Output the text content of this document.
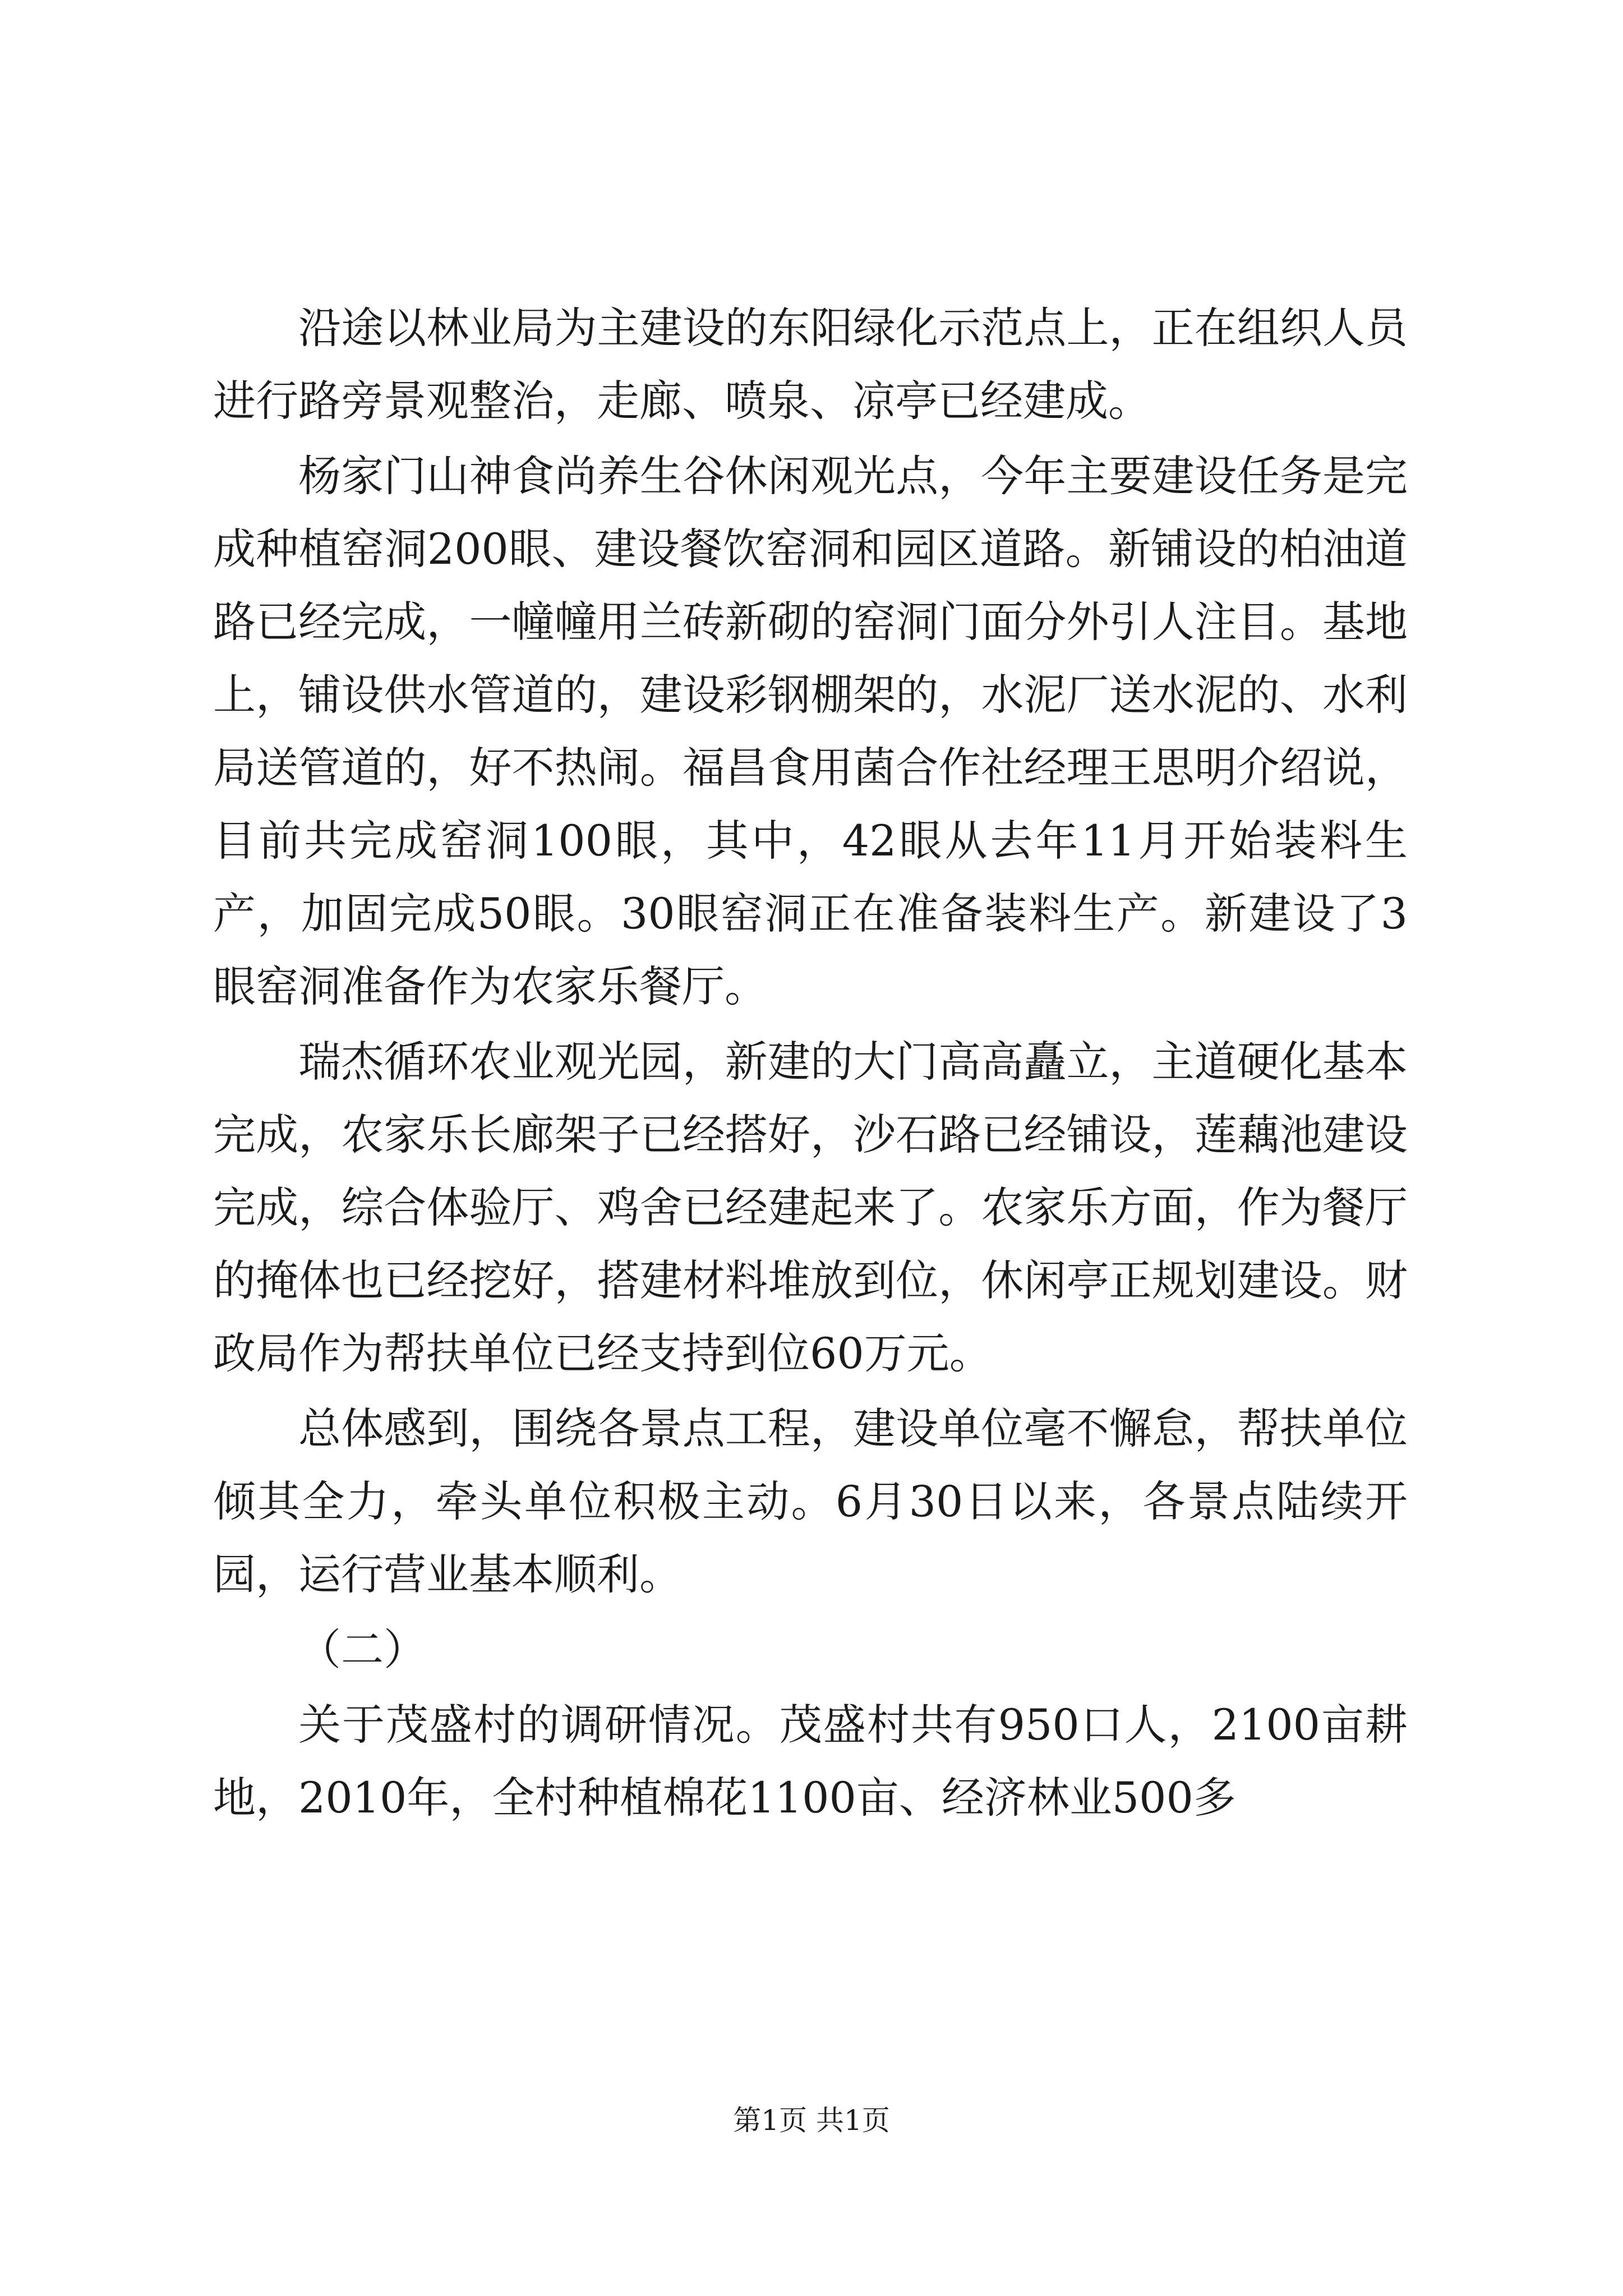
沿途以林业局为主建设的东阳绿化示范点上，正在组织人员进行路旁景观整治，走廊、喷泉、凉亭已经建成。

杨家门山神食尚养生谷休闲观光点，今年主要建设任务是完成种植窑洞200眼、建设餐饮窑洞和园区道路。新铺设的柏油道路已经完成，一幢幢用兰砖新砌的窑洞门面分外引人注目。基地上，铺设供水管道的，建设彩钢棚架的，水泥厂送水泥的、水利局送管道的，好不热闹。福昌食用菌合作社经理王思明介绍说，目前共完成窑洞100眼，其中，42眼从去年11月开始装料生产，加固完成50眼。30眼窑洞正在准备装料生产。新建设了3眼窑洞准备作为农家乐餐厅。

瑞杰循环农业观光园，新建的大门高高矗立，主道硬化基本完成，农家乐长廊架子已经搭好，沙石路已经铺设，莲藕池建设完成，综合体验厅、鸡舍已经建起来了。农家乐方面，作为餐厅的掩体也已经挖好，搭建材料堆放到位，休闲亭正规划建设。财政局作为帮扶单位已经支持到位60万元。

总体感到，围绕各景点工程，建设单位毫不懈怠，帮扶单位倾其全力，牵头单位积极主动。6月30日以来，各景点陆续开园，运行营业基本顺利。

（二）

关于茂盛村的调研情况。茂盛村共有950口人，2100亩耕地，2010年，全村种植棉花1100亩、经济林业500多

第1页 共1页
